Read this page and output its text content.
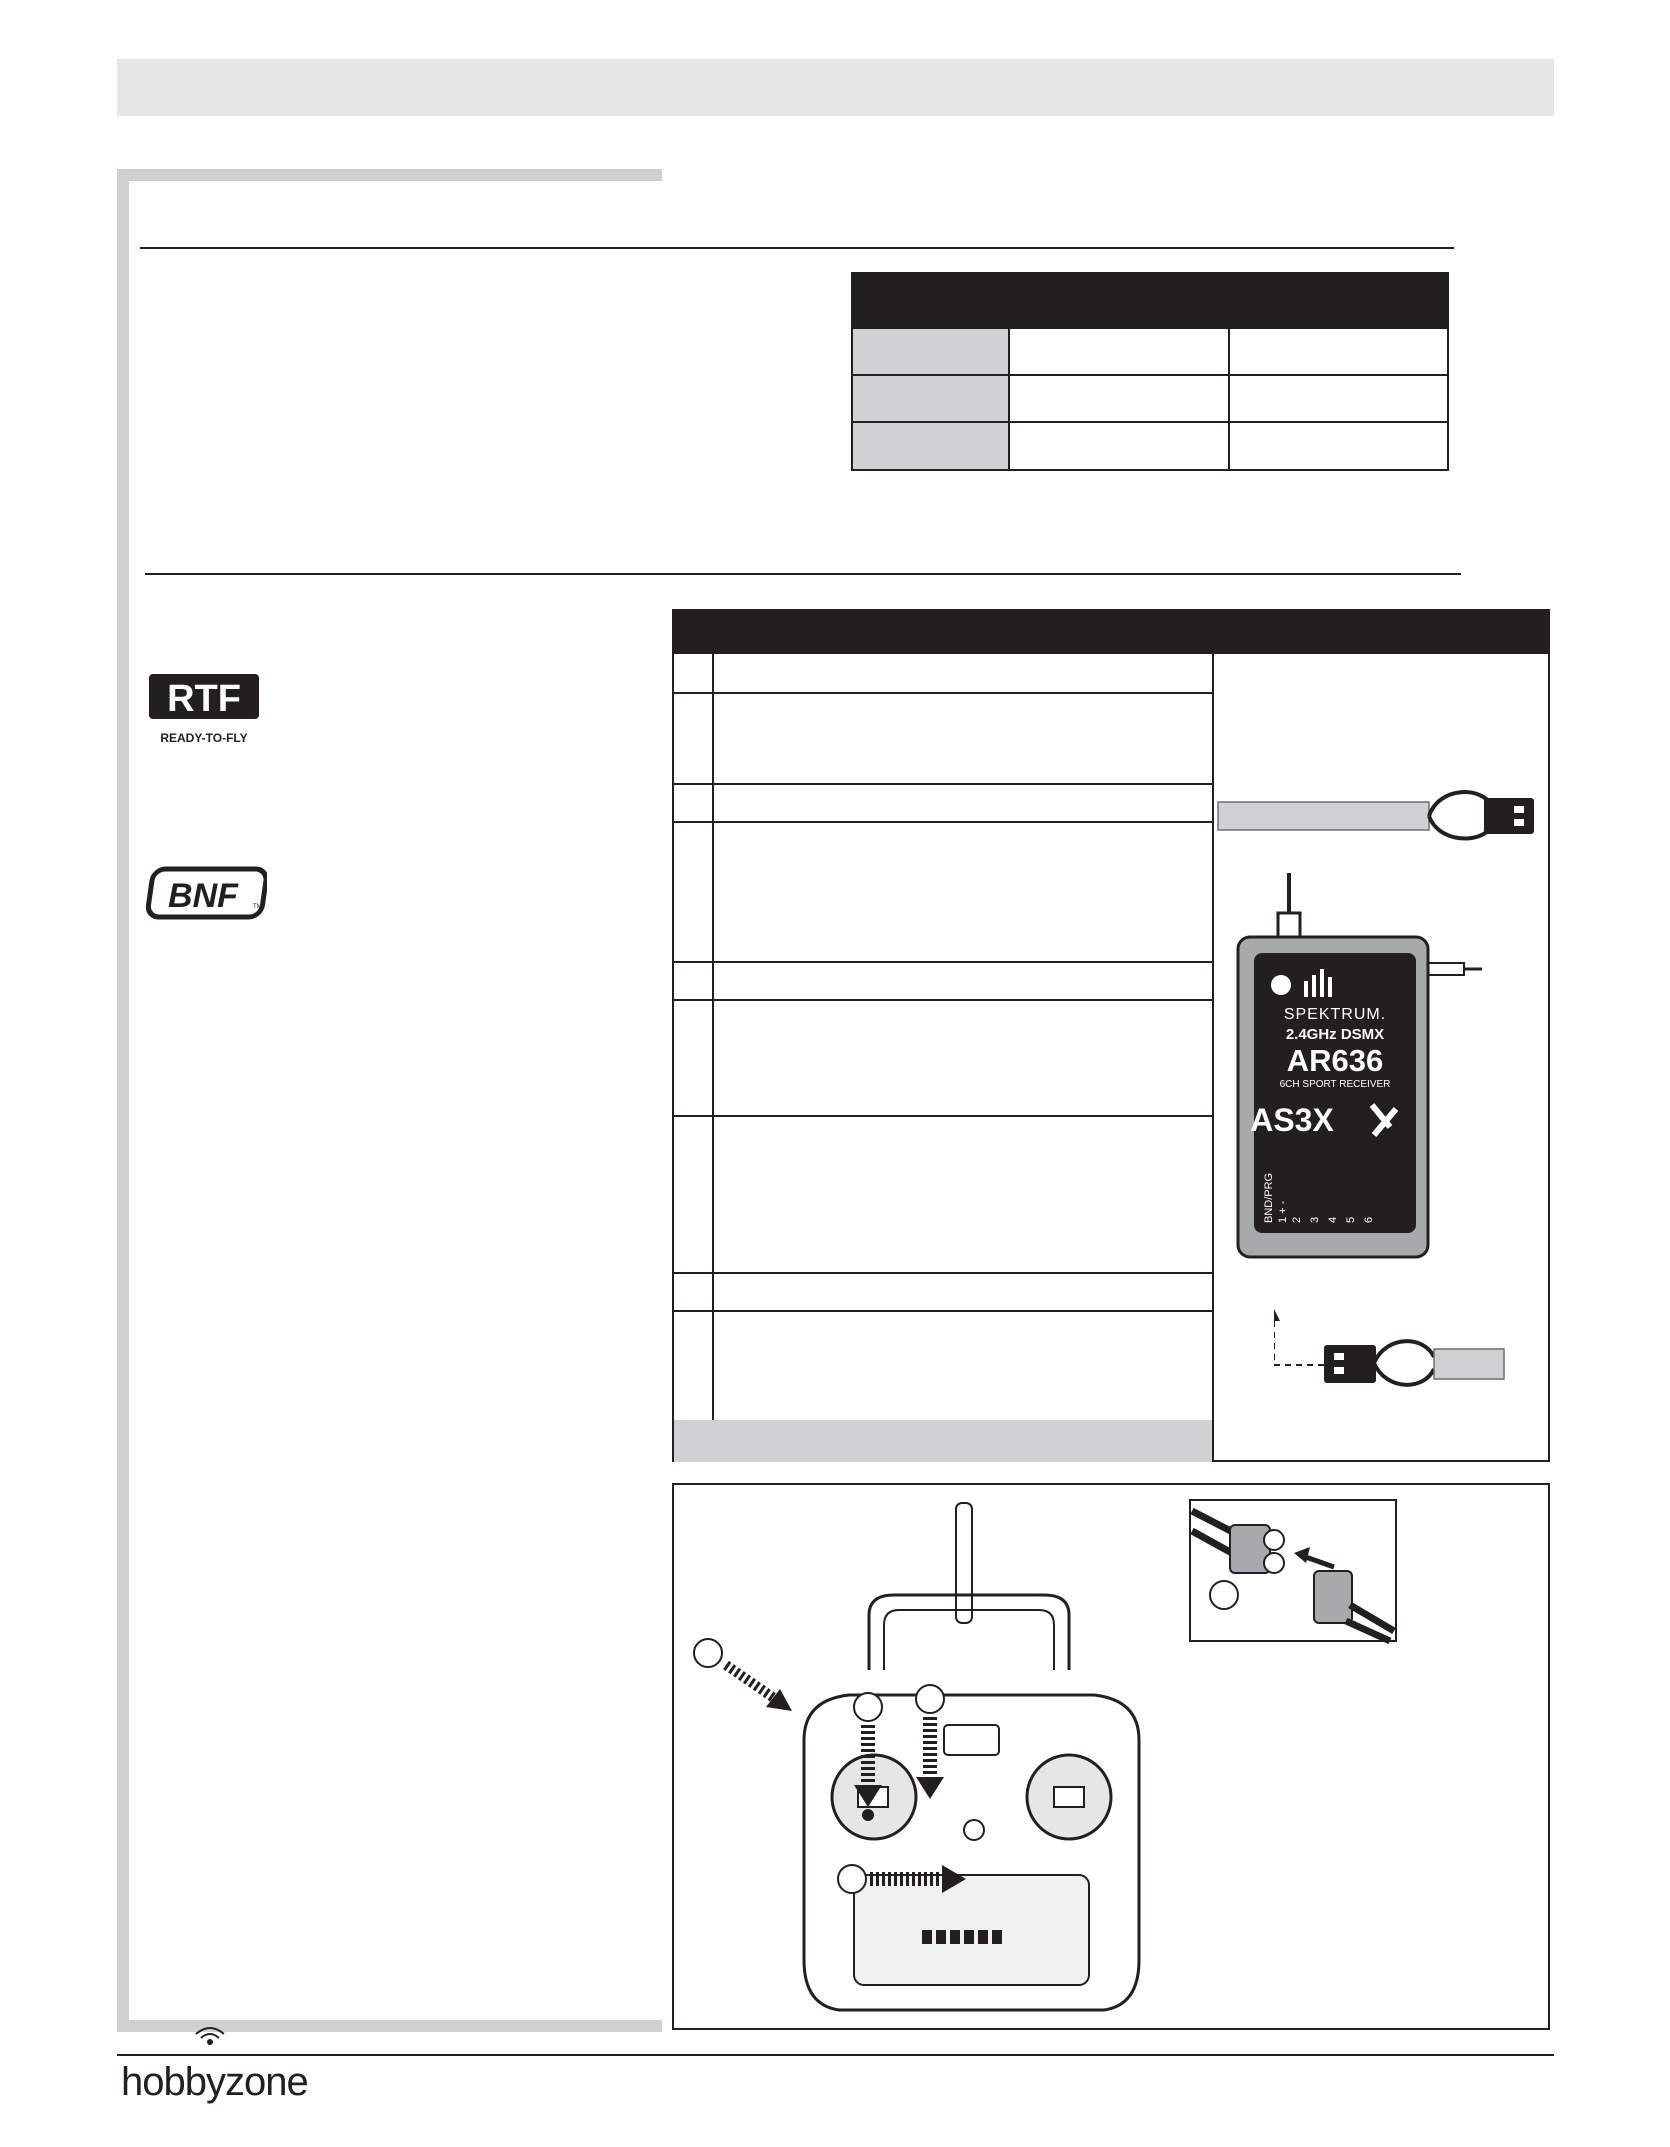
RTF
READY-TO-FLY
BNF	TM
SPEKTRUM.
2.4GHz DSMX
AR636
6CH SPORT RECEIVER
AS3X
BND/PRG 1 + - 2 3 4 5 6
hobbyzone
